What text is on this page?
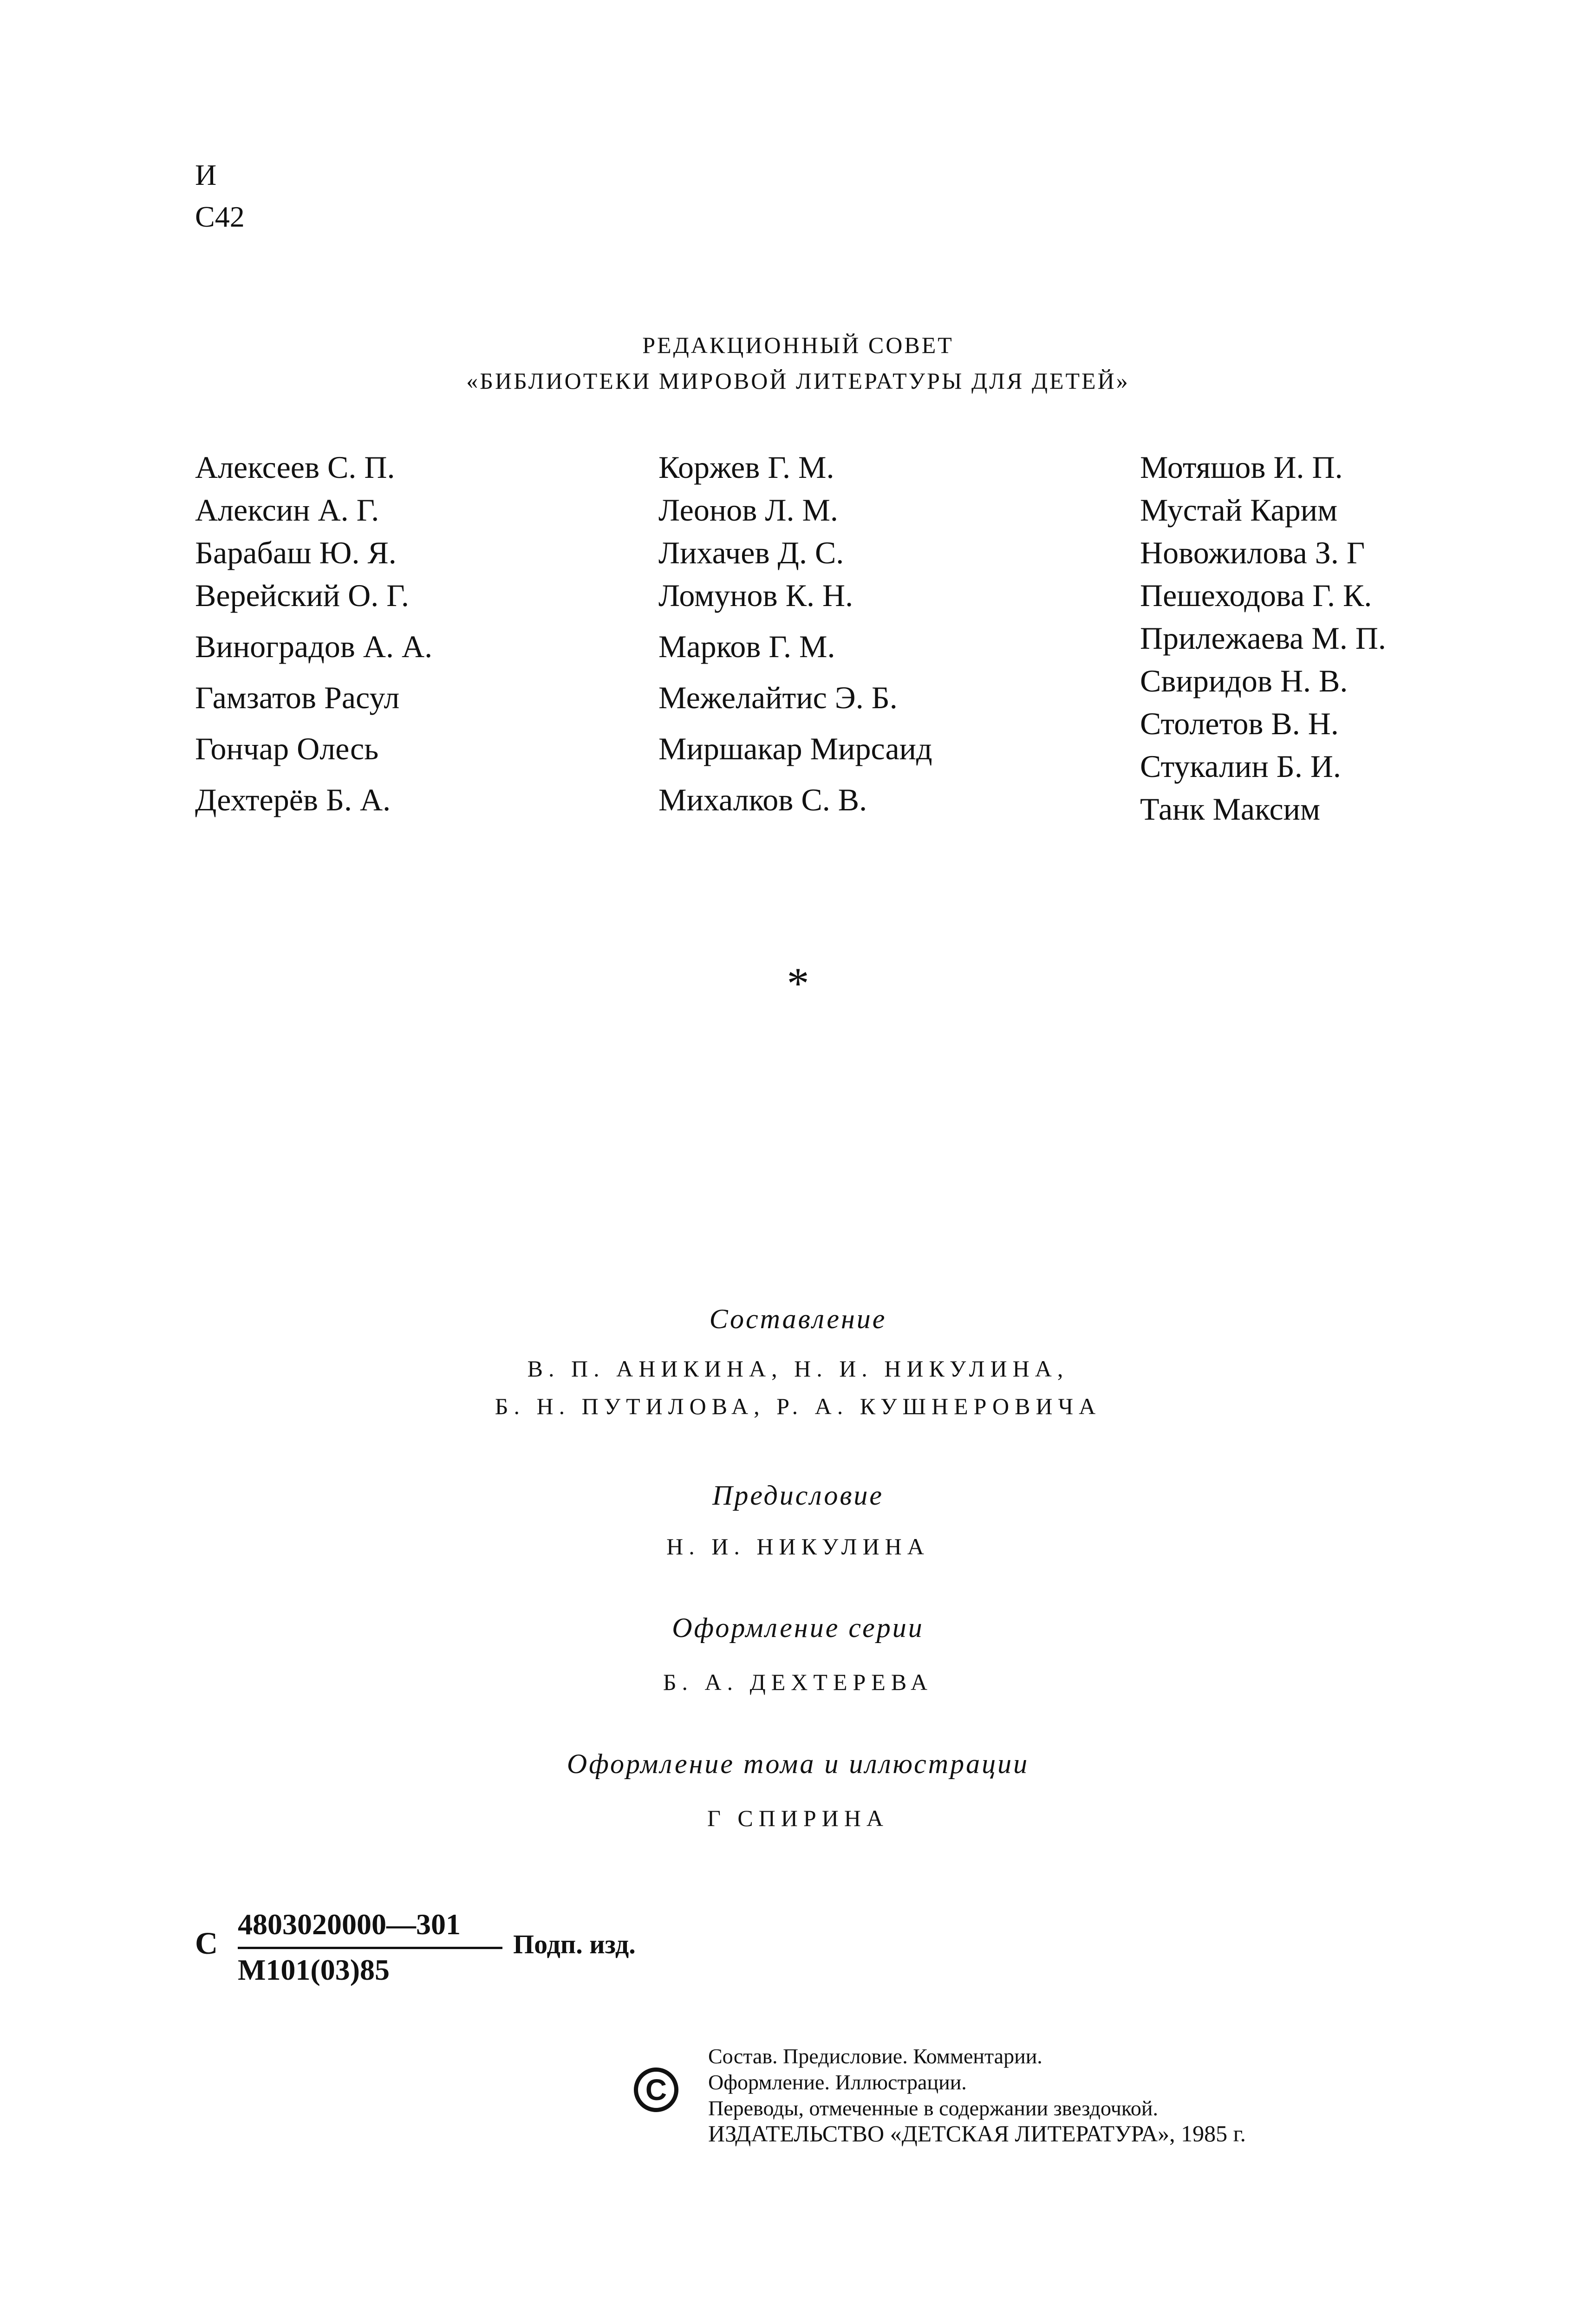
И
С42
РЕДАКЦИОННЫЙ СОВЕТ
«БИБЛИОТЕКИ МИРОВОЙ ЛИТЕРАТУРЫ ДЛЯ ДЕТЕЙ»
Алексеев С. П.
Алексин А. Г.
Барабаш Ю. Я.
Верейский О. Г.
Виноградов А. А.
Гамзатов Расул
Гончар Олесь
Дехтерёв Б. А.
Коржев Г. М.
Леонов Л. М.
Лихачев Д. С.
Ломунов К. Н.
Марков Г. М.
Межелайтис Э. Б.
Миршакар Мирсаид
Михалков С. В.
Мотяшов И. П.
Мустай Карим
Новожилова З. Г
Пешеходова Г. К.
Прилежаева М. П.
Свиридов Н. В.
Столетов В. Н.
Стукалин Б. И.
Танк Максим
*
Составление
В. П. АНИКИНА, Н. И. НИКУЛИНА,
Б. Н. ПУТИЛОВА, Р. А. КУШНЕРОВИЧА
Предисловие
Н. И. НИКУЛИНА
Оформление серии
Б. А. ДЕХТЕРЕВА
Оформление тома и иллюстрации
Г СПИРИНА
С
4803020000—301
М101(03)85
Подп. изд.
C
Состав. Предисловие. Комментарии.
Оформление. Иллюстрации.
Переводы, отмеченные в содержании звездочкой.
ИЗДАТЕЛЬСТВО «ДЕТСКАЯ ЛИТЕРАТУРА», 1985 г.
